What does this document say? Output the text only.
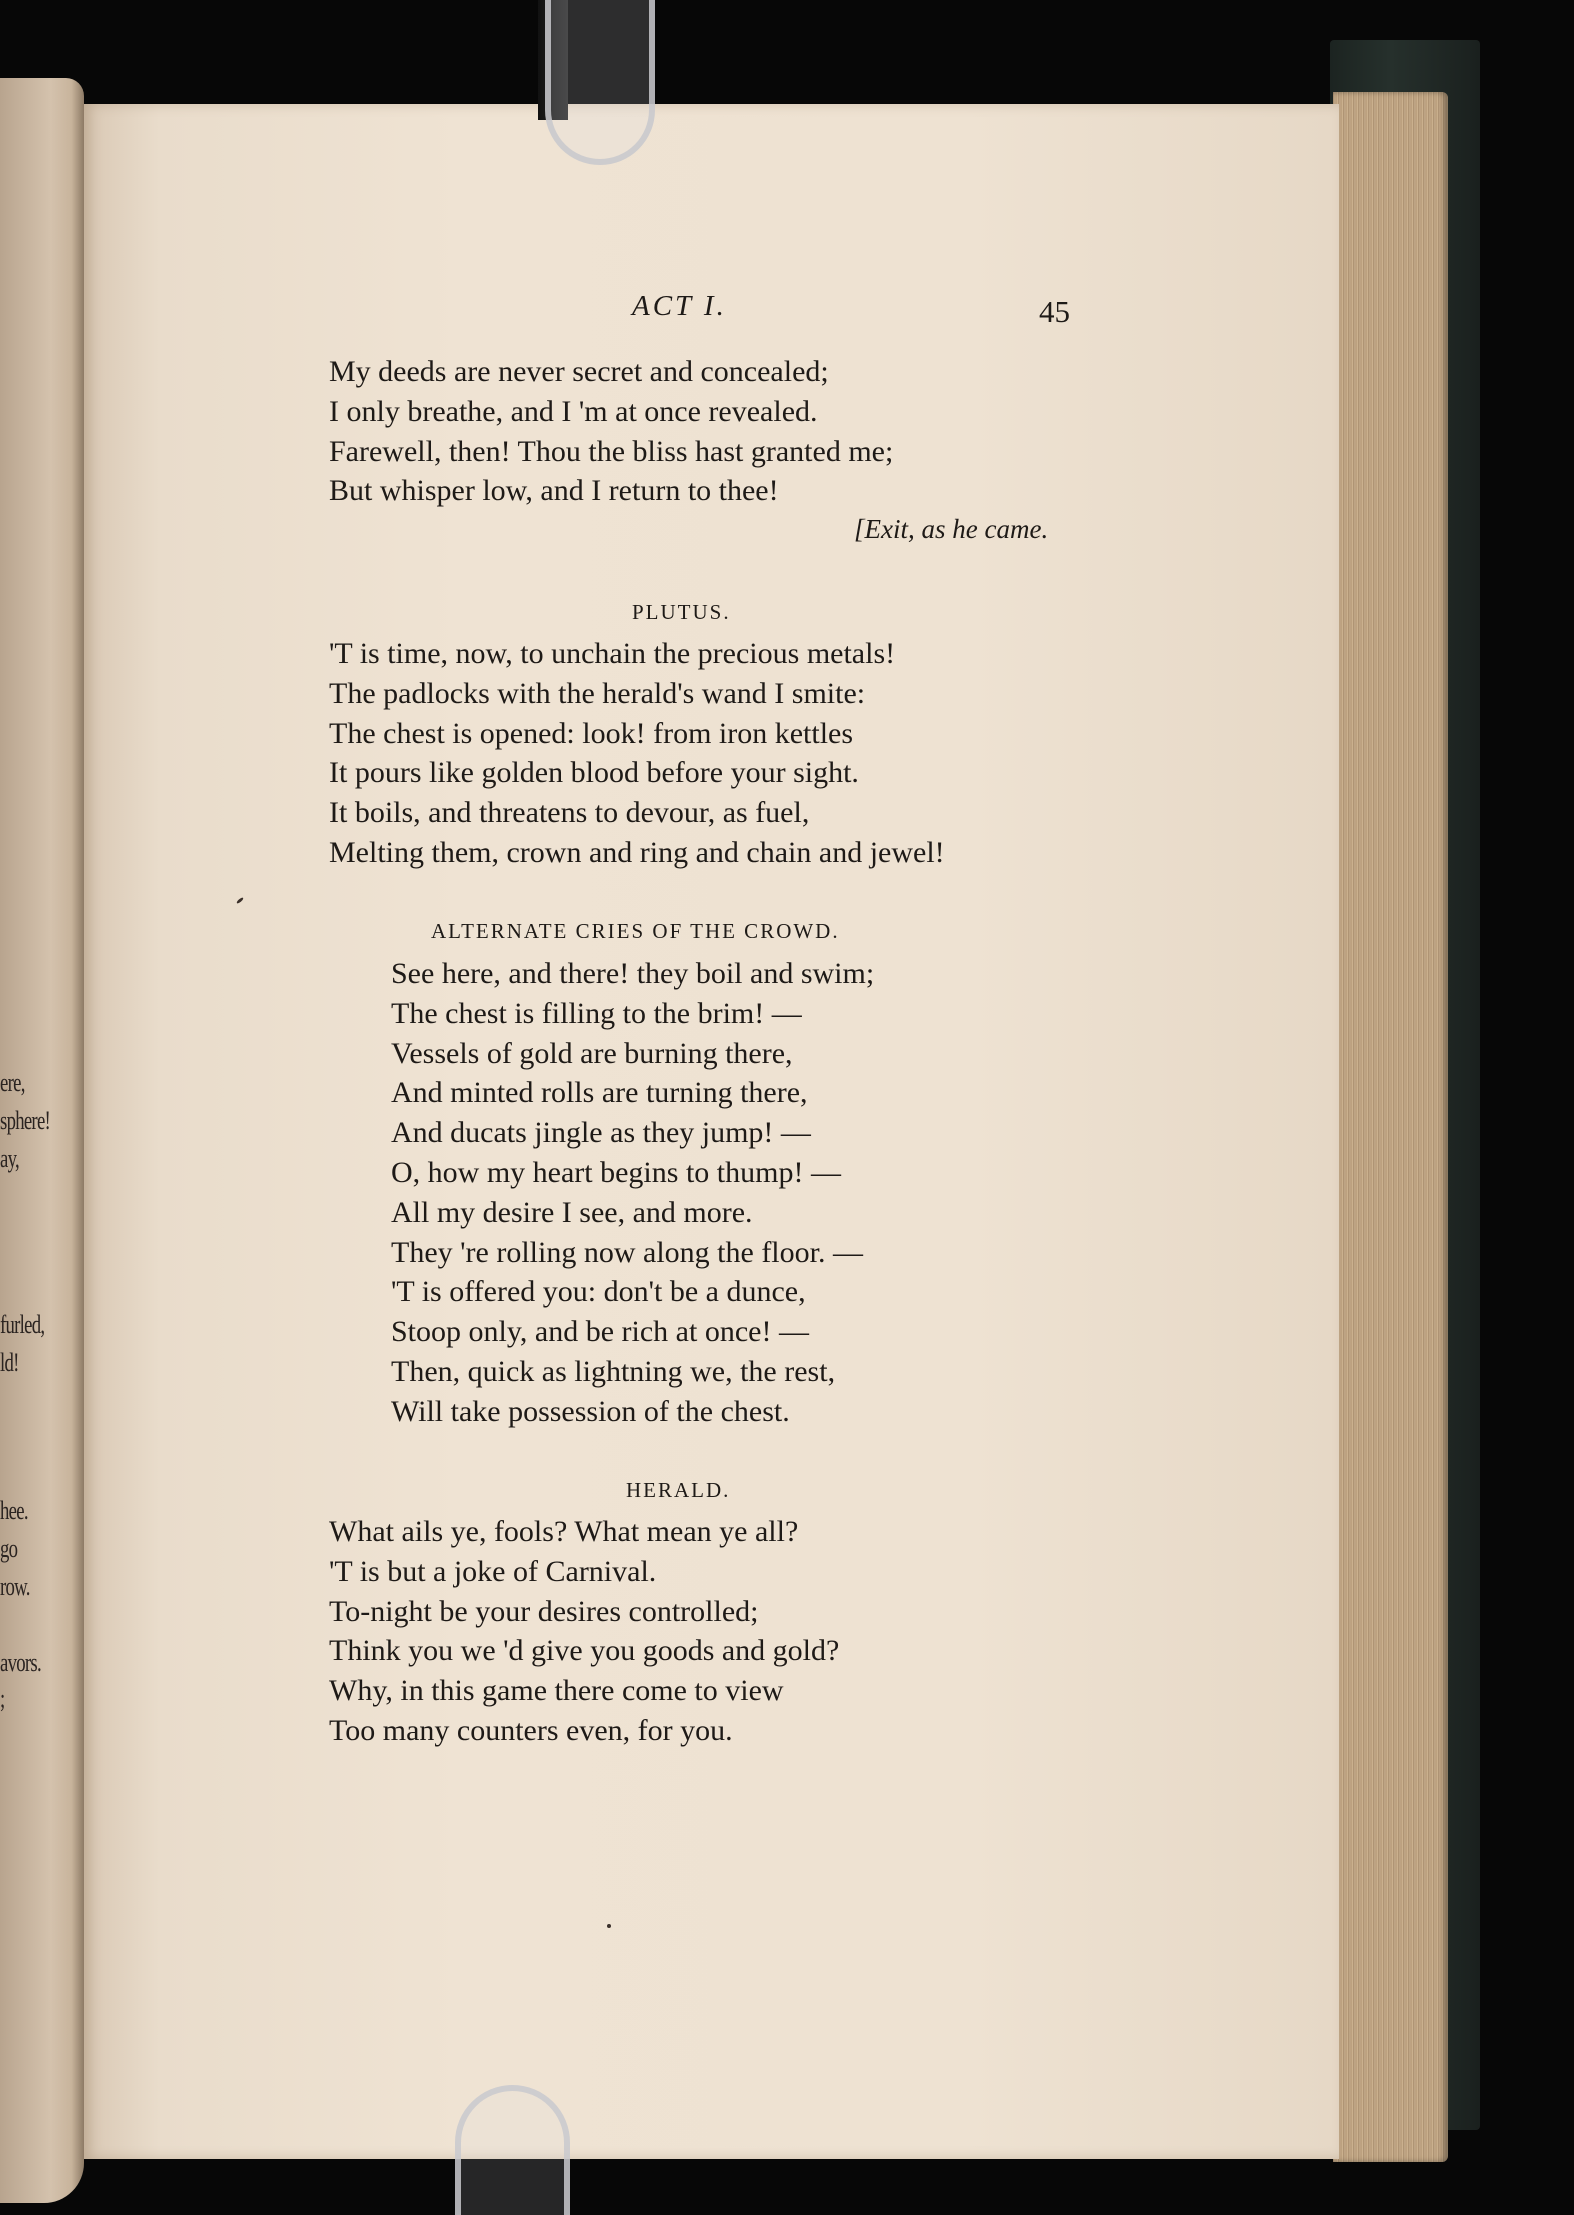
ere,
sphere!
ay,
furled,
ld!
hee.
go
row.
avors.
;
ACT I.	45
My deeds are never secret and concealed;
I only breathe, and I 'm at once revealed.
Farewell, then! Thou the bliss hast granted me;
But whisper low, and I return to thee!
[Exit, as he came.
PLUTUS.
'T is time, now, to unchain the precious metals!
The padlocks with the herald's wand I smite:
The chest is opened: look! from iron kettles
It pours like golden blood before your sight.
It boils, and threatens to devour, as fuel,
Melting them, crown and ring and chain and jewel!
ALTERNATE CRIES OF THE CROWD.
See here, and there! they boil and swim;
The chest is filling to the brim! —
Vessels of gold are burning there,
And minted rolls are turning there,
And ducats jingle as they jump! —
O, how my heart begins to thump! —
All my desire I see, and more.
They 're rolling now along the floor. —
'T is offered you: don't be a dunce,
Stoop only, and be rich at once! —
Then, quick as lightning we, the rest,
Will take possession of the chest.
HERALD.
What ails ye, fools? What mean ye all?
'T is but a joke of Carnival.
To-night be your desires controlled;
Think you we 'd give you goods and gold?
Why, in this game there come to view
Too many counters even, for you.
